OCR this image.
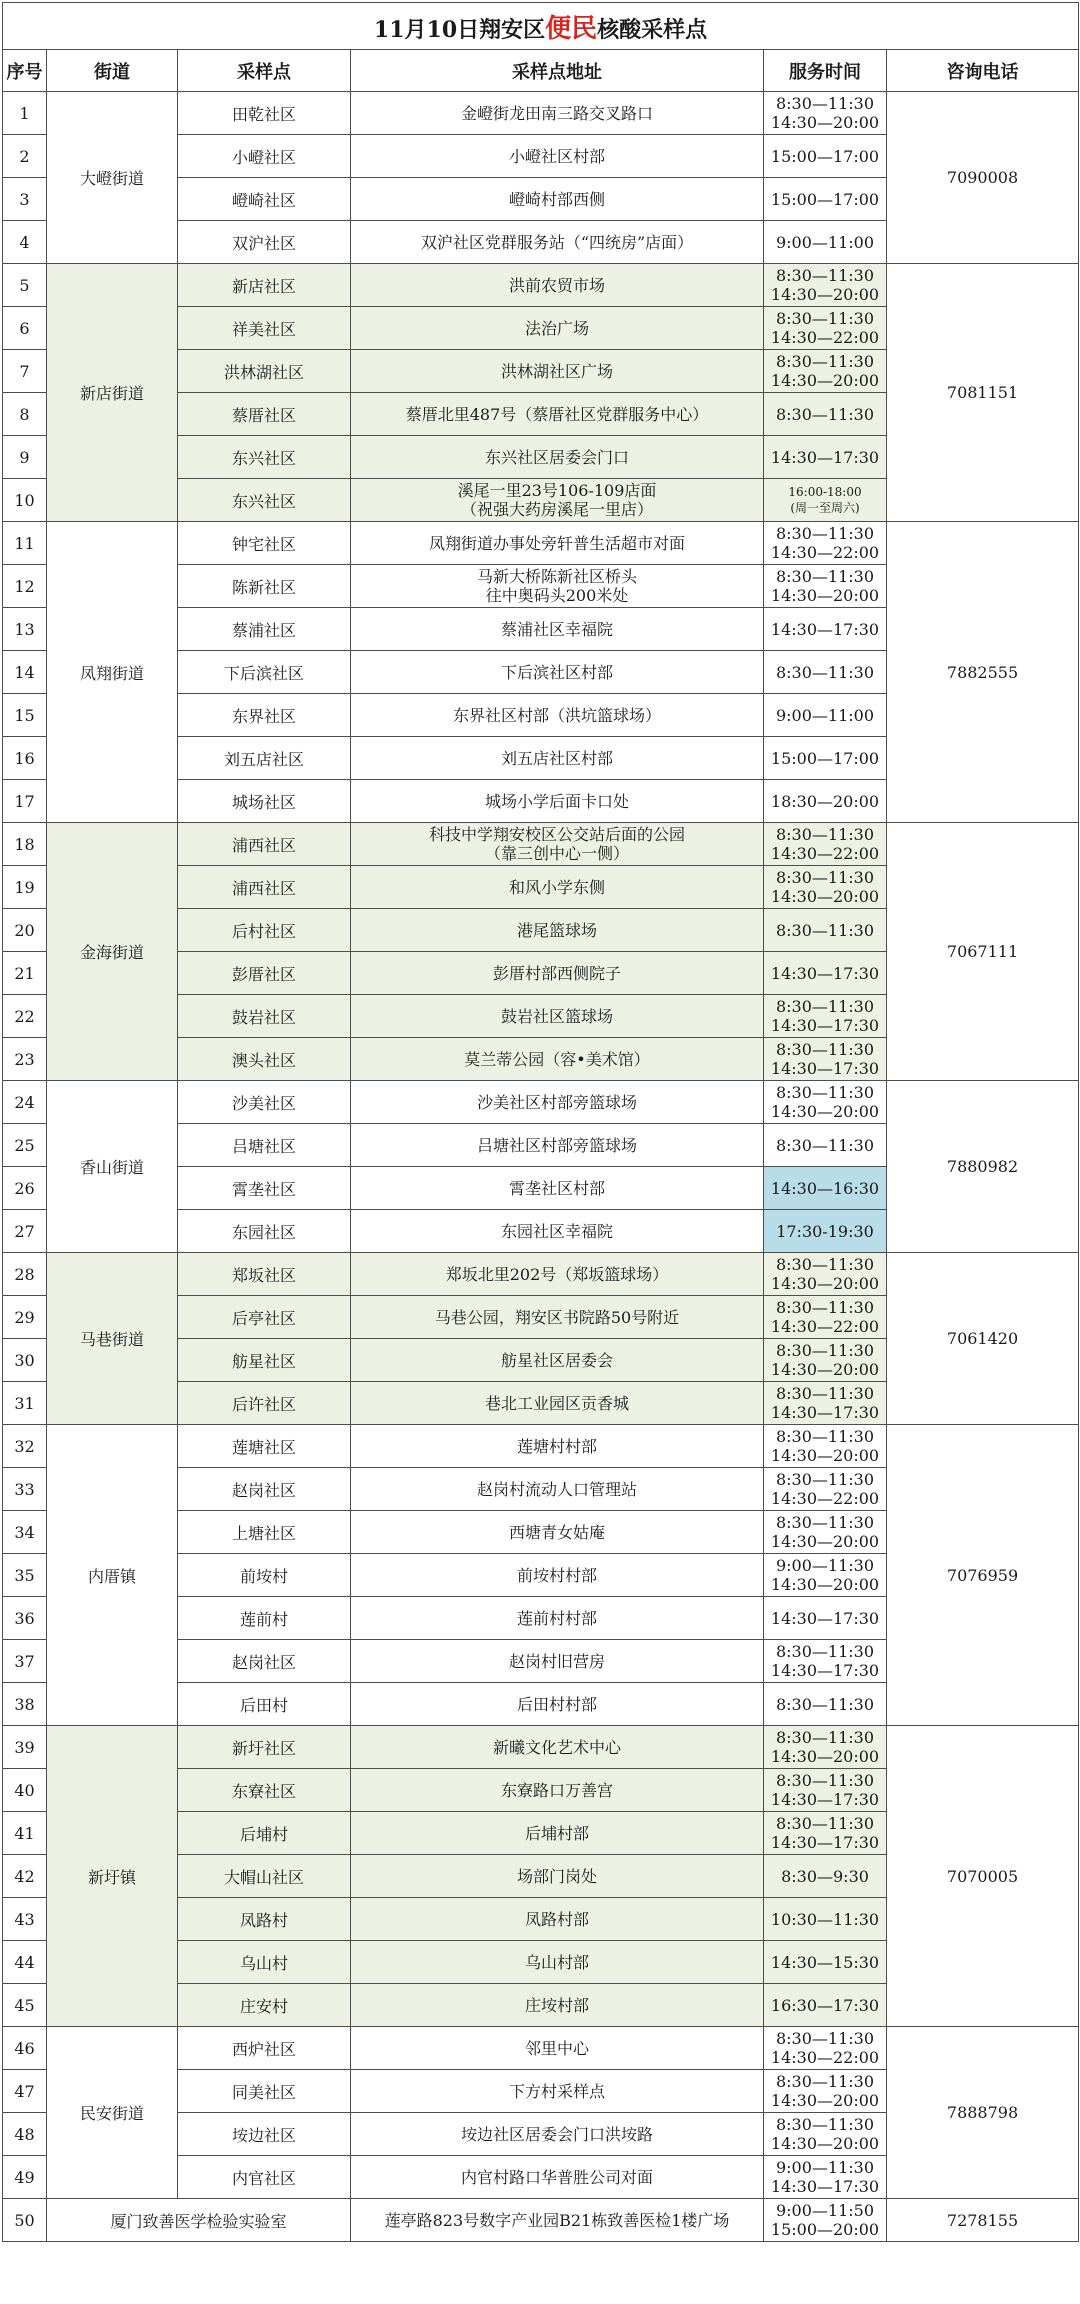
11月10日翔安区便民核酸采样点					
序号	街道	采样点	采样点地址	服务时间	咨询电话
1	大嶝街道	田乾社区	金嶝街龙田南三路交叉路口	8:30—11:30
14:30—20:00	7090008
2		小嶝社区	小嶝社区村部	15:00—17:00	
3		嶝崎社区	嶝崎村部西侧	15:00—17:00	
4		双沪社区	双沪社区党群服务站（“四统房”店面）	9:00—11:00	
5	新店街道	新店社区	洪前农贸市场	8:30—11:30
14:30—20:00	7081151
6		祥美社区	法治广场	8:30—11:30
14:30—22:00	
7		洪林湖社区	洪林湖社区广场	8:30—11:30
14:30—20:00	
8		蔡厝社区	蔡厝北里487号（蔡厝社区党群服务中心）	8:30—11:30	
9		东兴社区	东兴社区居委会门口	14:30—17:30	
10		东兴社区	溪尾一里23号106-109店面
（祝强大药房溪尾一里店）	16:00-18:00
(周一至周六)	
11	凤翔街道	钟宅社区	凤翔街道办事处旁轩普生活超市对面	8:30—11:30
14:30—22:00	7882555
12		陈新社区	马新大桥陈新社区桥头
往中奥码头200米处	8:30—11:30
14:30—20:00	
13		蔡浦社区	蔡浦社区幸福院	14:30—17:30	
14		下后滨社区	下后滨社区村部	8:30—11:30	
15		东界社区	东界社区村部（洪坑篮球场）	9:00—11:00	
16		刘五店社区	刘五店社区村部	15:00—17:00	
17		城场社区	城场小学后面卡口处	18:30—20:00	
18	金海街道	浦西社区	科技中学翔安校区公交站后面的公园
（靠三创中心一侧）	8:30—11:30
14:30—22:00	7067111
19		浦西社区	和风小学东侧	8:30—11:30
14:30—20:00	
20		后村社区	港尾篮球场	8:30—11:30	
21		彭厝社区	彭厝村部西侧院子	14:30—17:30	
22		鼓岩社区	鼓岩社区篮球场	8:30—11:30
14:30—17:30	
23		澳头社区	莫兰蒂公园（容•美术馆）	8:30—11:30
14:30—17:30	
24	香山街道	沙美社区	沙美社区村部旁篮球场	8:30—11:30
14:30—20:00	7880982
25		吕塘社区	吕塘社区村部旁篮球场	8:30—11:30	
26		霄垄社区	霄垄社区村部	14:30—16:30	
27		东园社区	东园社区幸福院	17:30-19:30	
28	马巷街道	郑坂社区	郑坂北里202号（郑坂篮球场）	8:30—11:30
14:30—20:00	7061420
29		后亭社区	马巷公园，翔安区书院路50号附近	8:30—11:30
14:30—22:00	
30		舫星社区	舫星社区居委会	8:30—11:30
14:30—20:00	
31		后许社区	巷北工业园区贡香城	8:30—11:30
14:30—17:30	
32	内厝镇	莲塘社区	莲塘村村部	8:30—11:30
14:30—20:00	7076959
33		赵岗社区	赵岗村流动人口管理站	8:30—11:30
14:30—22:00	
34		上塘社区	西塘青女姑庵	8:30—11:30
14:30—20:00	
35		前垵村	前垵村村部	9:00—11:30
14:30—20:00	
36		莲前村	莲前村村部	14:30—17:30	
37		赵岗社区	赵岗村旧营房	8:30—11:30
14:30—17:30	
38		后田村	后田村村部	8:30—11:30	
39	新圩镇	新圩社区	新曦文化艺术中心	8:30—11:30
14:30—20:00	7070005
40		东寮社区	东寮路口万善宫	8:30—11:30
14:30—17:30	
41		后埔村	后埔村部	8:30—11:30
14:30—17:30	
42		大帽山社区	场部门岗处	8:30—9:30	
43		凤路村	凤路村部	10:30—11:30	
44		乌山村	乌山村部	14:30—15:30	
45		庄安村	庄垵村部	16:30—17:30	
46	民安街道	西炉社区	邻里中心	8:30—11:30
14:30—22:00	7888798
47		同美社区	下方村采样点	8:30—11:30
14:30—20:00	
48		垵边社区	垵边社区居委会门口洪垵路	8:30—11:30
14:30—20:00	
49		内官社区	内官村路口华普胜公司对面	9:00—11:30
14:30—17:30	
50	厦门致善医学检验实验室		莲亭路823号数字产业园B21栋致善医检1楼广场	9:00—11:50
15:00—20:00	7278155
